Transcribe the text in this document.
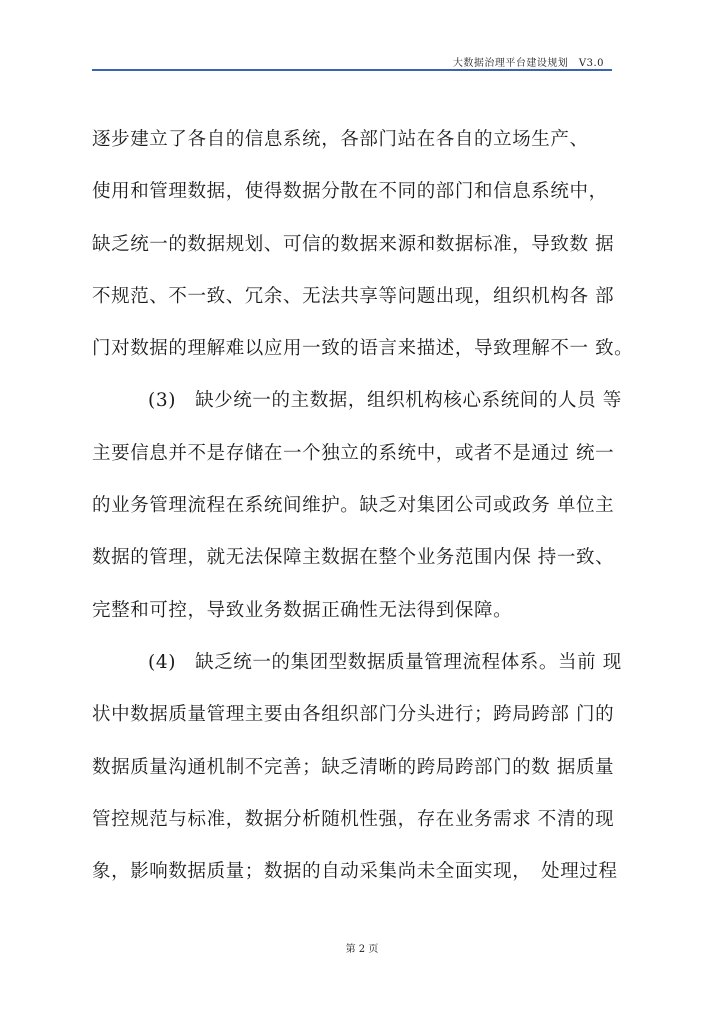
大数据治理平台建设规划　V3.0
逐步建立了各自的信息系统，各部门站在各自的立场生产、
使用和管理数据，使得数据分散在不同的部门和信息系统中，
缺乏统一的数据规划、可信的数据来源和数据标准，导致数 据
不规范、不一致、冗余、无法共享等问题出现，组织机构各 部
门对数据的理解难以应用一致的语言来描述，导致理解不一 致。
(3)　缺少统一的主数据，组织机构核心系统间的人员 等
主要信息并不是存储在一个独立的系统中，或者不是通过 统一
的业务管理流程在系统间维护。缺乏对集团公司或政务 单位主
数据的管理，就无法保障主数据在整个业务范围内保 持一致、
完整和可控，导致业务数据正确性无法得到保障。
(4)　缺乏统一的集团型数据质量管理流程体系。当前 现
状中数据质量管理主要由各组织部门分头进行；跨局跨部 门的
数据质量沟通机制不完善；缺乏清晰的跨局跨部门的数 据质量
管控规范与标准，数据分析随机性强，存在业务需求 不清的现
象，影响数据质量；数据的自动采集尚未全面实现，　处理过程
第 2 页
